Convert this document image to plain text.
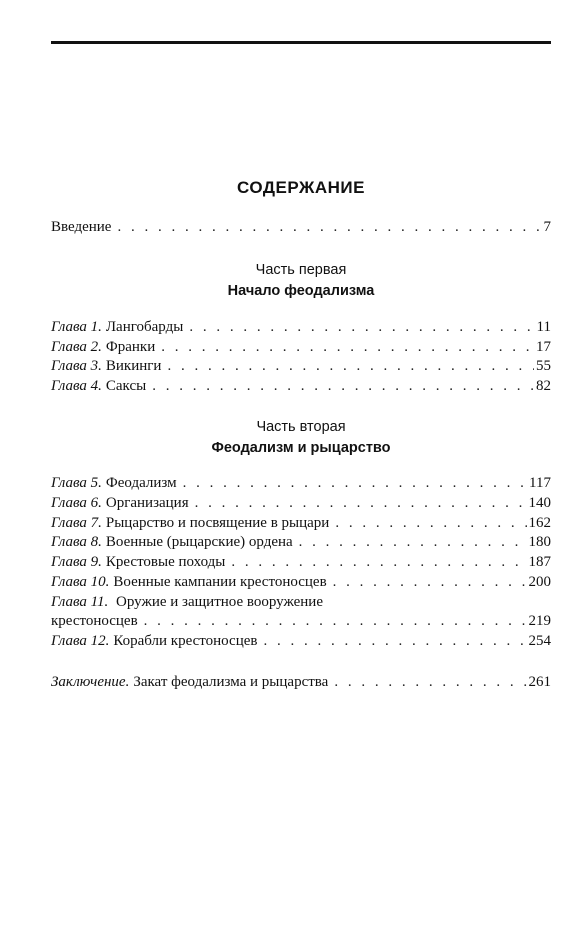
СОДЕРЖАНИЕ
Введение . . .	7
Часть первая
Начало феодализма
Глава 1. Лангобарды . . .	11
Глава 2. Франки . . .	17
Глава 3. Викинги . . .	55
Глава 4. Саксы . . .	82
Часть вторая
Феодализм и рыцарство
Глава 5. Феодализм . . .	117
Глава 6. Организация . . .	140
Глава 7. Рыцарство и посвящение в рыцари . . .	162
Глава 8. Военные (рыцарские) ордена . . .	180
Глава 9. Крестовые походы . . .	187
Глава 10. Военные кампании крестоносцев . . .	200
Глава 11. Оружие и защитное вооружение
крестоносцев . . .	219
Глава 12. Корабли крестоносцев . . .	254
Заключение. Закат феодализма и рыцарства . . .	261
